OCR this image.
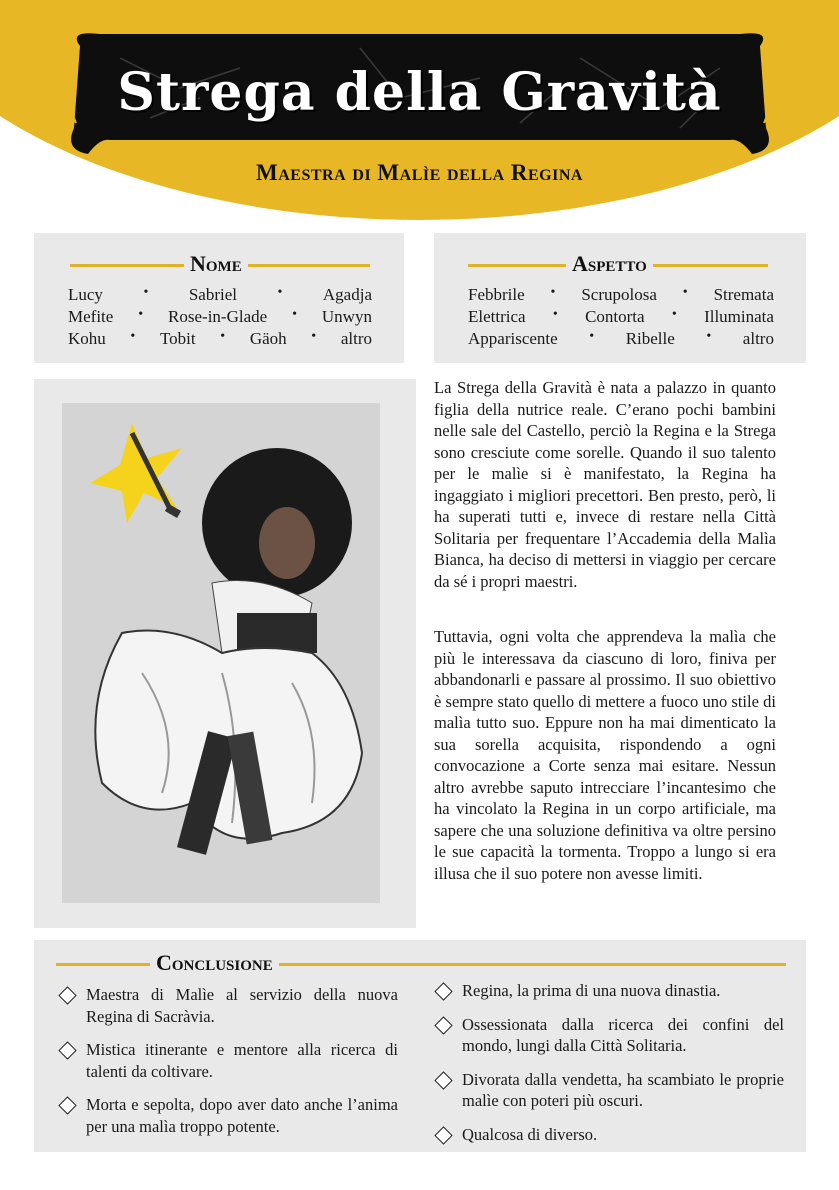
Strega della Gravità
Maestra di Malìe della Regina
Nome
Lucy	• Sabriel	• Agadja
Mefite • Rose-in-Glade • Unwyn
Kohu • Tobit • Gäoh • altro
Aspetto
Febbrile • Scrupolosa • Stremata
Elettrica • Contorta • Illuminata
Appariscente • Ribelle • altro

La Strega della Gravità è nata a palazzo in quanto figlia della nutrice reale. C’erano pochi bambini nelle sale del Castello, perciò la Regina e la Strega sono cresciute come sorelle. Quando il suo talento per le malìe si è manifestato, la Regina ha ingaggiato i migliori precettori. Ben presto, però, li ha superati tutti e, invece di restare nella Città Solitaria per frequentare l’Accademia della Malìa Bianca, ha deciso di mettersi in viaggio per cercare da sé i propri maestri.

Tuttavia, ogni volta che apprendeva la malìa che più le interessava da ciascuno di loro, finiva per abbandonarli e passare al prossimo. Il suo obiettivo è sempre stato quello di mettere a fuoco uno stile di malìa tutto suo. Eppure non ha mai dimenticato la sua sorella acquisita, rispondendo a ogni convocazione a Corte senza mai esitare. Nessun altro avrebbe saputo intrecciare l’incantesimo che ha vincolato la Regina in un corpo artificiale, ma sapere che una soluzione definitiva va oltre persino le sue capacità la tormenta. Troppo a lungo si era illusa che il suo potere non avesse limiti.

Conclusione
Maestra di Malìe al servizio della nuova Regina di Sacràvia.
Mistica itinerante e mentore alla ricerca di talenti da coltivare.
Morta e sepolta, dopo aver dato anche l’anima per una malìa troppo potente.
Regina, la prima di una nuova dinastia.
Ossessionata dalla ricerca dei confini del mondo, lungi dalla Città Solitaria.
Divorata dalla vendetta, ha scambiato le proprie malìe con poteri più oscuri.
Qualcosa di diverso.
